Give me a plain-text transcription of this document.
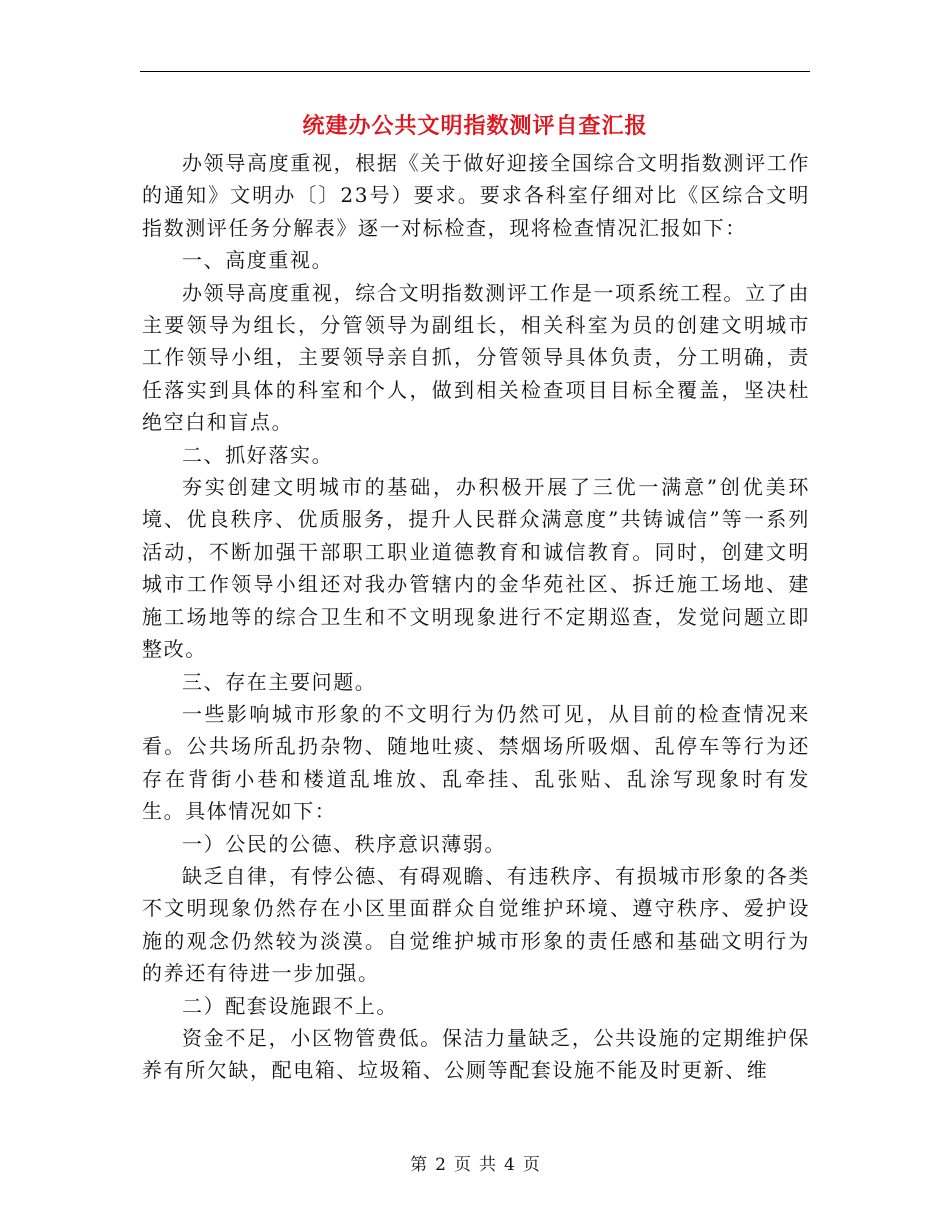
统建办公共文明指数测评自查汇报

办领导高度重视，根据《关于做好迎接全国综合文明指数测评工作的通知》文明办〔〕23号）要求。要求各科室仔细对比《区综合文明指数测评任务分解表》逐一对标检查，现将检查情况汇报如下：

一、高度重视。

办领导高度重视，综合文明指数测评工作是一项系统工程。立了由主要领导为组长，分管领导为副组长，相关科室为员的创建文明城市工作领导小组，主要领导亲自抓，分管领导具体负责，分工明确，责任落实到具体的科室和个人，做到相关检查项目目标全覆盖，坚决杜绝空白和盲点。

二、抓好落实。

夯实创建文明城市的基础，办积极开展了三优一满意”创优美环境、优良秩序、优质服务，提升人民群众满意度”共铸诚信”等一系列活动，不断加强干部职工职业道德教育和诚信教育。同时，创建文明城市工作领导小组还对我办管辖内的金华苑社区、拆迁施工场地、建施工场地等的综合卫生和不文明现象进行不定期巡查，发觉问题立即整改。

三、存在主要问题。

一些影响城市形象的不文明行为仍然可见，从目前的检查情况来看。公共场所乱扔杂物、随地吐痰、禁烟场所吸烟、乱停车等行为还存在背街小巷和楼道乱堆放、乱牵挂、乱张贴、乱涂写现象时有发生。具体情况如下：

一）公民的公德、秩序意识薄弱。

缺乏自律，有悖公德、有碍观瞻、有违秩序、有损城市形象的各类不文明现象仍然存在小区里面群众自觉维护环境、遵守秩序、爱护设施的观念仍然较为淡漠。自觉维护城市形象的责任感和基础文明行为的养还有待进一步加强。

二）配套设施跟不上。

资金不足，小区物管费低。保洁力量缺乏，公共设施的定期维护保养有所欠缺，配电箱、垃圾箱、公厕等配套设施不能及时更新、维

第 2 页 共 4 页
